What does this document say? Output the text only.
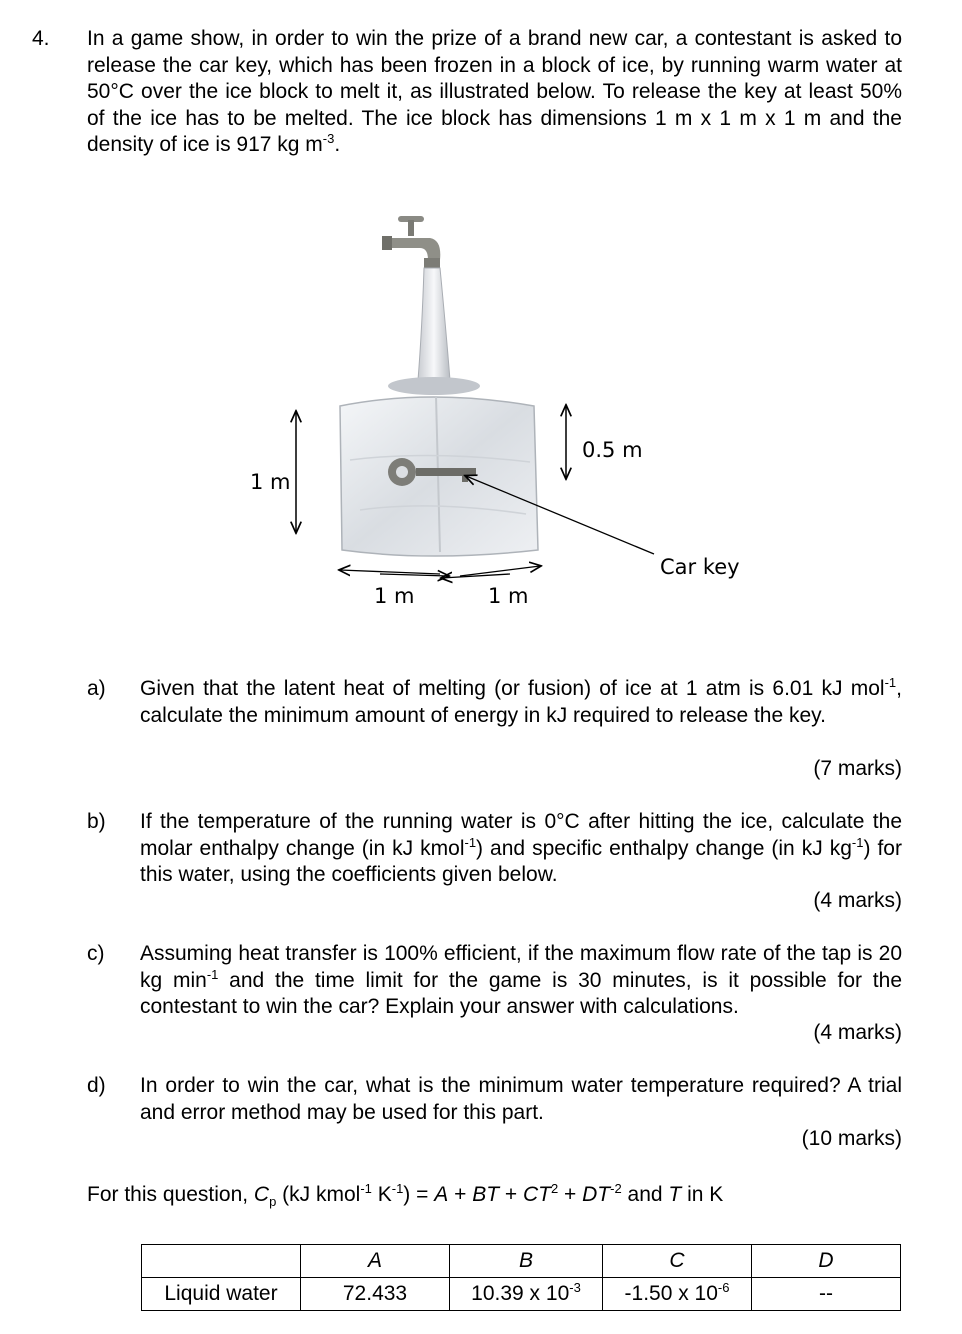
4. In a game show, in order to win the prize of a brand new car, a contestant is asked to release the car key, which has been frozen in a block of ice, by running warm water at 50°C over the ice block to melt it, as illustrated below. To release the key at least 50% of the ice has to be melted. The ice block has dimensions 1 m x 1 m x 1 m and the density of ice is 917 kg $m^{-3}$.
1 m
0.5 m
1 m	1 m
Car key
a) Given that the latent heat of melting (or fusion) of ice at 1 atm is 6.01 kJ mol$^{-1}$, calculate the minimum amount of energy in kJ required to release the key.
(7 marks)
b) If the temperature of the running water is 0°C after hitting the ice, calculate the molar enthalpy change (in kJ kmol$^{-1}$) and specific enthalpy change (in kJ $kg^{-1}$) for this water, using the coefficients given below.
(4 marks)
c) Assuming heat transfer is 100% efficient, if the maximum flow rate of the tap is 20 kg $\min^{-1}$ and the time limit for the game is 30 minutes, is it possible for the contestant to win the car? Explain your answer with calculations.
(4 marks)
d) In order to win the car, what is the minimum water temperature required? A trial and error method may be used for this part.
(10 marks)
For this question, $C_p$ (kJ kmol$^{-1}$ $K^{-1}) = A$ + BT + $CT^2 + DT^{-2}$ and T in K
	A	B	C	D
Liquid water	72.433	10.39 x $10^{-3}$	-1.50 x $10^{-6}$	--
